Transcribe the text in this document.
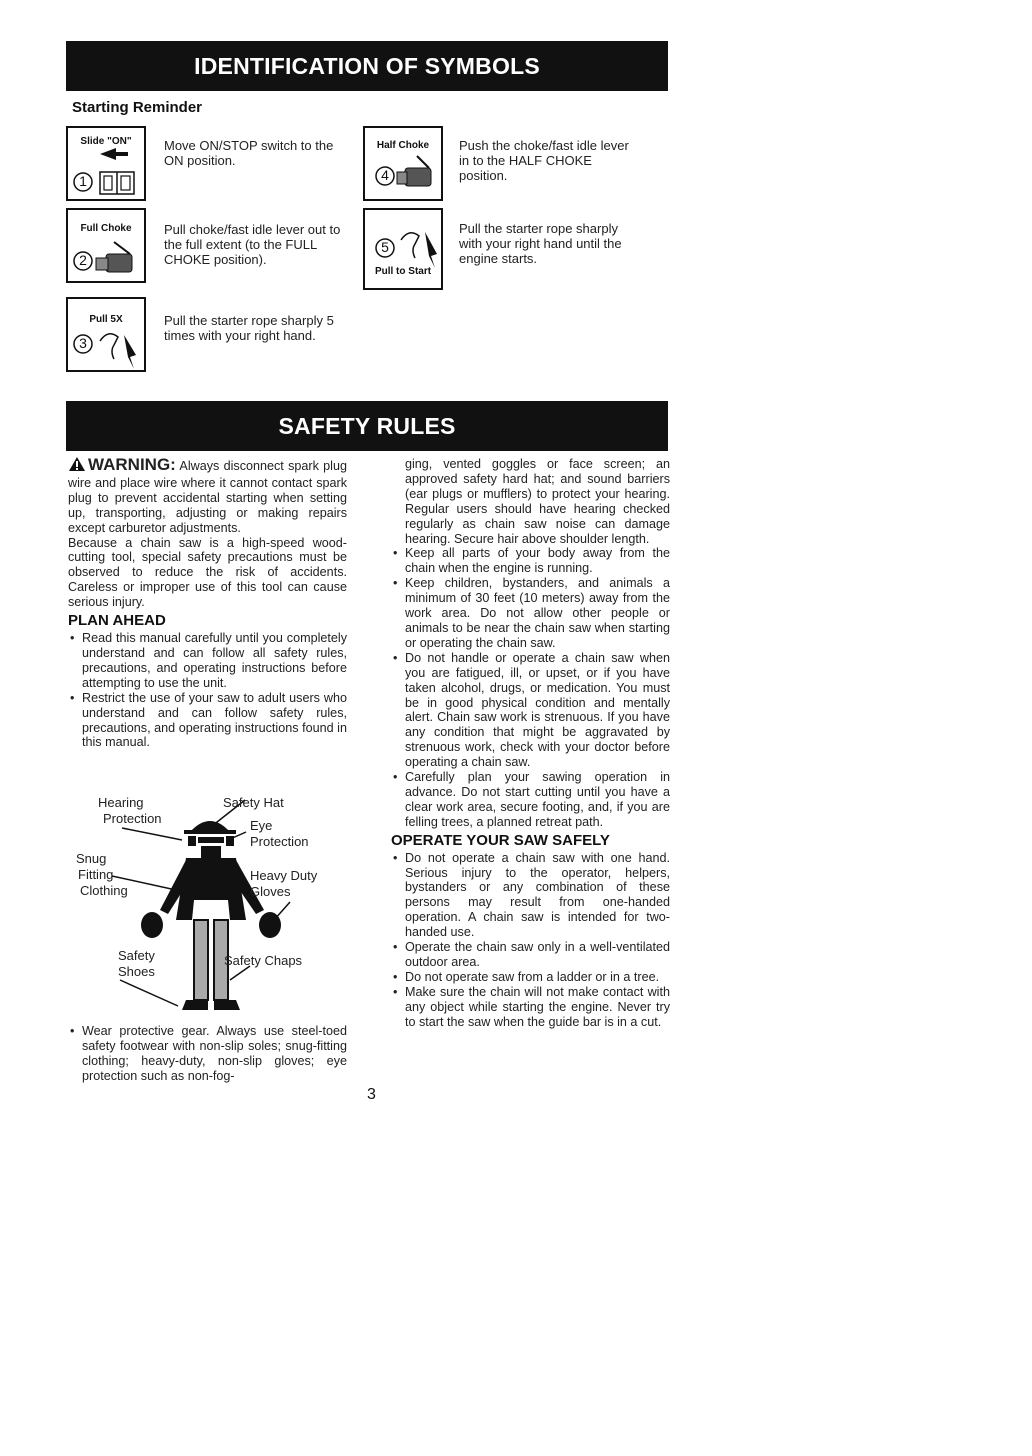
IDENTIFICATION OF SYMBOLS
Starting Reminder
Slide "ON"
1
Move ON/STOP switch to the ON position.
Full Choke
2
Pull choke/fast idle lever out to the full extent (to the FULL CHOKE position).
Pull 5X
3
Pull the starter rope sharply 5 times with your right hand.
Half Choke
4
Push the choke/fast idle lever in to the HALF CHOKE position.
5
Pull to Start
Pull the starter rope sharply with your right hand until the engine starts.
SAFETY RULES

WARNING: Always disconnect spark plug wire and place wire where it cannot contact spark plug to prevent accidental starting when setting up, transporting, adjusting or making repairs except carburetor adjustments.

Because a chain saw is a high-speed wood-cutting tool, special safety precautions must be observed to reduce the risk of accidents. Careless or improper use of this tool can cause serious injury.

PLAN AHEAD

• Read this manual carefully until you completely understand and can follow all safety rules, precautions, and operating instructions before attempting to use the unit.

• Restrict the use of your saw to adult users who understand and can follow safety rules, precautions, and operating instructions found in this manual.

Hearing
Protection
Safety Hat
Eye
Protection
Snug
Fitting
Clothing
Heavy Duty
Gloves
Safety
Shoes
Safety Chaps

• Wear protective gear. Always use steel-toed safety footwear with non-slip soles; snug-fitting clothing; heavy-duty, non-slip gloves; eye protection such as non-fog-

ging, vented goggles or face screen; an approved safety hard hat; and sound barriers (ear plugs or mufflers) to protect your hearing. Regular users should have hearing checked regularly as chain saw noise can damage hearing. Secure hair above shoulder length.

• Keep all parts of your body away from the chain when the engine is running.

• Keep children, bystanders, and animals a minimum of 30 feet (10 meters) away from the work area. Do not allow other people or animals to be near the chain saw when starting or operating the chain saw.

• Do not handle or operate a chain saw when you are fatigued, ill, or upset, or if you have taken alcohol, drugs, or medication. You must be in good physical condition and mentally alert. Chain saw work is strenuous. If you have any condition that might be aggravated by strenuous work, check with your doctor before operating a chain saw.

• Carefully plan your sawing operation in advance. Do not start cutting until you have a clear work area, secure footing, and, if you are felling trees, a planned retreat path.

OPERATE YOUR SAW SAFELY

• Do not operate a chain saw with one hand. Serious injury to the operator, helpers, bystanders or any combination of these persons may result from one-handed operation. A chain saw is intended for two-handed use.

• Operate the chain saw only in a well-ventilated outdoor area.

• Do not operate saw from a ladder or in a tree.

• Make sure the chain will not make contact with any object while starting the engine. Never try to start the saw when the guide bar is in a cut.

3
